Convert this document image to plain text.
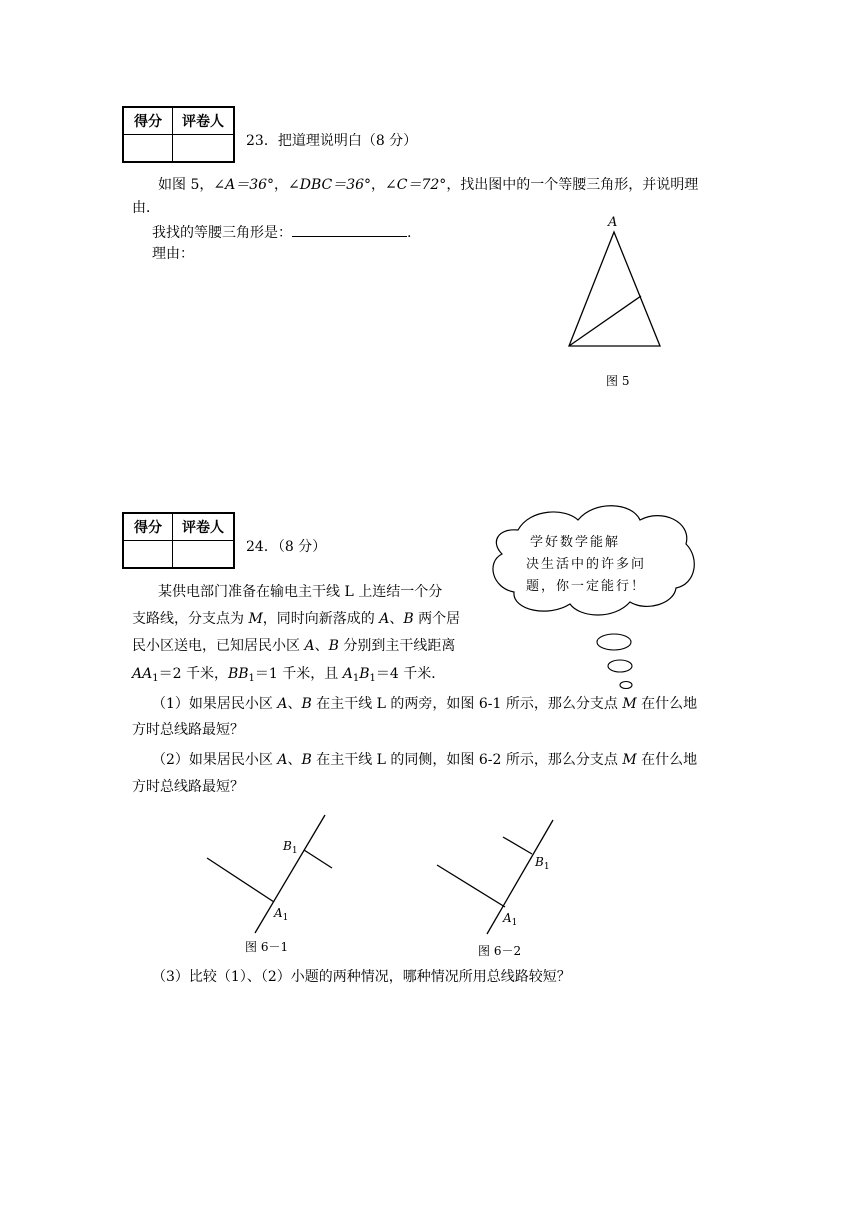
得分	评卷人

23．把道理说明白（8 分）
如图 5，∠A＝36°，∠DBC＝36°，∠C＝72°，找出图中的一个等腰三角形，并说明理
由．
我找的等腰三角形是：	.
理由：
A
图 5
得分	评卷人

24．（8 分）	学好数学能解
决生活中的许多问
题，你一定能行！
某供电部门准备在输电主干线 L 上连结一个分
支路线，分支点为 M，同时向新落成的 A、B 两个居
民小区送电，已知居民小区 A、B 分别到主干线距离
$AA_1=2$ 千米，$BB_1=1$ 千米，且 $A_1B_1=4$ 千米．
（1）如果居民小区 A、B 在主干线 L 的两旁，如图 6-1 所示，那么分支点 M 在什么地
方时总线路最短？
（2）如果居民小区 A、B 在主干线 L 的同侧，如图 6-2 所示，那么分支点 M 在什么地
方时总线路最短？
$B_1$
$A_1$
图 6－1
$B_1$
$A_1$
图 6－2
（3）比较（1）、（2）小题的两种情况，哪种情况所用总线路较短？
